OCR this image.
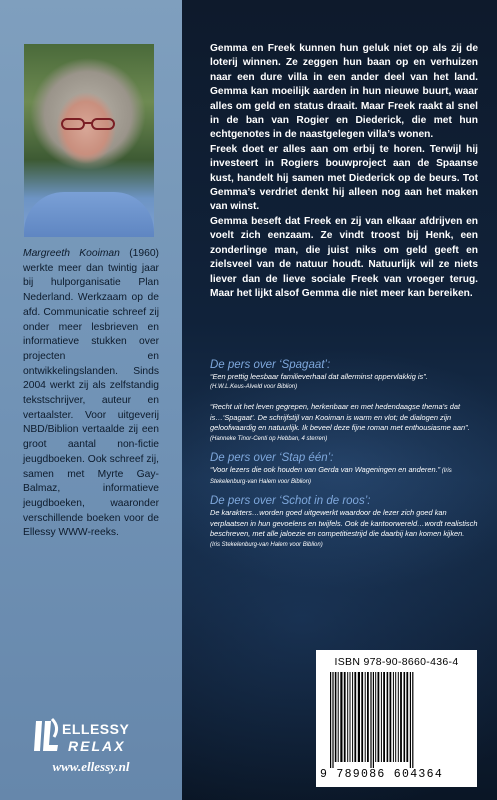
Margreeth Kooiman (1960) werkte meer dan twintig jaar bij hulporganisatie Plan Nederland. Werkzaam op de afd. Communicatie schreef zij onder meer lesbrieven en informatieve stukken over projecten en ontwikkelingslanden. Sinds 2004 werkt zij als zelfstandig tekstschrijver, auteur en vertaalster. Voor uitgeverij NBD/Biblion vertaalde zij een groot aantal non-fictie jeugdboeken. Ook schreef zij, samen met Myrte Gay-Balmaz, informatieve jeugdboeken, waaronder verschillende boeken voor de Ellessy WWW-reeks.
ELLESSY
RELAX
www.ellessy.nl

Gemma en Freek kunnen hun geluk niet op als zij de loterij winnen. Ze zeggen hun baan op en verhuizen naar een dure villa in een ander deel van het land. Gemma kan moeilijk aarden in hun nieuwe buurt, waar alles om geld en status draait. Maar Freek raakt al snel in de ban van Rogier en Diederick, die met hun echtgenotes in de naastgelegen villa’s wonen.

Freek doet er alles aan om erbij te horen. Terwijl hij investeert in Rogiers bouwproject aan de Spaanse kust, handelt hij samen met Diederick op de beurs. Tot Gemma’s verdriet denkt hij alleen nog aan het maken van winst.

Gemma beseft dat Freek en zij van elkaar afdrijven en voelt zich eenzaam. Ze vindt troost bij Henk, een zonderlinge man, die juist niks om geld geeft en zielsveel van de natuur houdt. Natuurlijk wil ze niets liever dan de lieve sociale Freek van vroeger terug. Maar het lijkt alsof Gemma die niet meer kan bereiken.

De pers over ‘Spagaat’:
“Een prettig leesbaar familieverhaal dat allerminst oppervlakkig is”.
(H.W.L.Keus-Alveld voor Biblion)
“Recht uit het leven gegrepen, herkenbaar en met hedendaagse thema’s dat is…‘Spagaat’. De schrijfstijl van Kooiman is warm en vlot; de dialogen zijn geloofwaardig en natuurlijk. Ik beveel deze fijne roman met enthousiasme aan”.
(Hanneke Tinor-Centi op Hebban, 4 sterren)
De pers over ‘Stap één’:
“Voor lezers die ook houden van Gerda van Wageningen en anderen.” (Iris Stekelenburg-van Halem voor Biblion)
De pers over ‘Schot in de roos’:
De karakters…worden goed uitgewerkt waardoor de lezer zich goed kan verplaatsen in hun gevoelens en twijfels. Ook de kantoorwereld…wordt realistisch beschreven, met alle jaloezie en competitiestrijd die daarbij kan komen kijken.
(Iris Stekelenburg-van Halem voor Biblion)
ISBN 978-90-8660-436-4
9 789086 604364
